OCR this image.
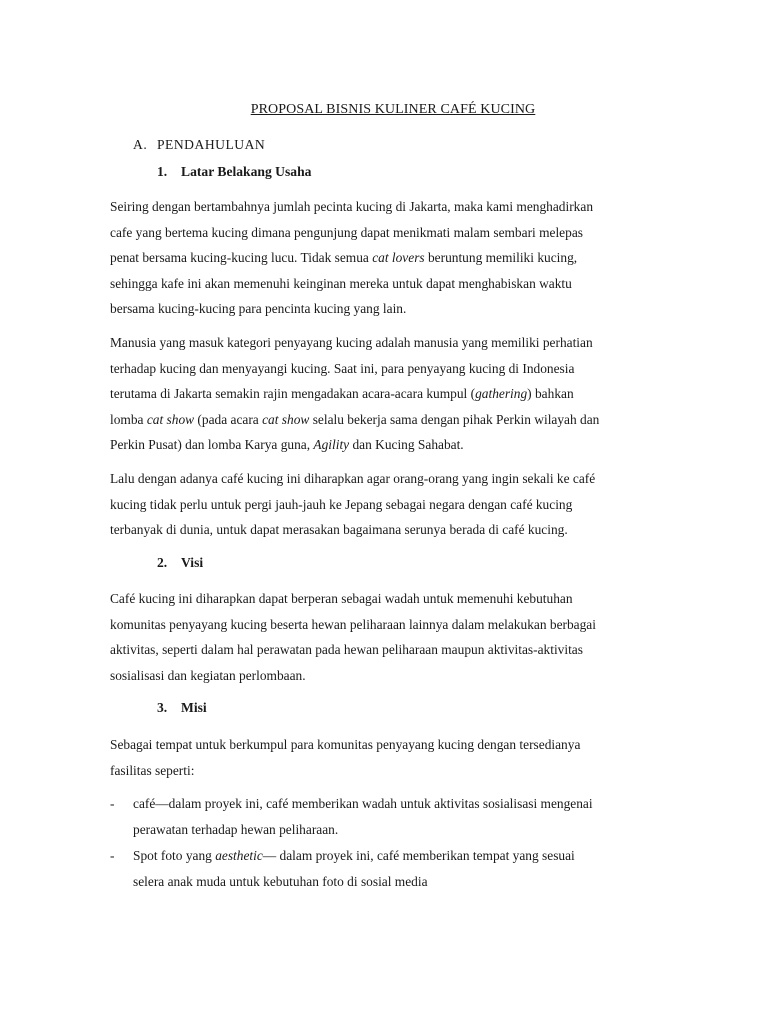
PROPOSAL BISNIS KULINER CAFÉ KUCING
A. PENDAHULUAN
1. Latar Belakang Usaha
Seiring dengan bertambahnya jumlah pecinta kucing di Jakarta, maka kami menghadirkan
cafe yang bertema kucing dimana pengunjung dapat menikmati malam sembari melepas
penat bersama kucing-kucing lucu. Tidak semua cat lovers beruntung memiliki kucing,
sehingga kafe ini akan memenuhi keinginan mereka untuk dapat menghabiskan waktu
bersama kucing-kucing para pencinta kucing yang lain.
Manusia yang masuk kategori penyayang kucing adalah manusia yang memiliki perhatian
terhadap kucing dan menyayangi kucing. Saat ini, para penyayang kucing di Indonesia
terutama di Jakarta semakin rajin mengadakan acara-acara kumpul (gathering) bahkan
lomba cat show (pada acara cat show selalu bekerja sama dengan pihak Perkin wilayah dan
Perkin Pusat) dan lomba Karya guna, Agility dan Kucing Sahabat.
Lalu dengan adanya café kucing ini diharapkan agar orang-orang yang ingin sekali ke café
kucing tidak perlu untuk pergi jauh-jauh ke Jepang sebagai negara dengan café kucing
terbanyak di dunia, untuk dapat merasakan bagaimana serunya berada di café kucing.
2. Visi
Café kucing ini diharapkan dapat berperan sebagai wadah untuk memenuhi kebutuhan
komunitas penyayang kucing beserta hewan peliharaan lainnya dalam melakukan berbagai
aktivitas, seperti dalam hal perawatan pada hewan peliharaan maupun aktivitas-aktivitas
sosialisasi dan kegiatan perlombaan.
3. Misi
Sebagai tempat untuk berkumpul para komunitas penyayang kucing dengan tersedianya
fasilitas seperti:
- café—dalam proyek ini, café memberikan wadah untuk aktivitas sosialisasi mengenai
perawatan terhadap hewan peliharaan.
- Spot foto yang aesthetic— dalam proyek ini, café memberikan tempat yang sesuai
selera anak muda untuk kebutuhan foto di sosial media
